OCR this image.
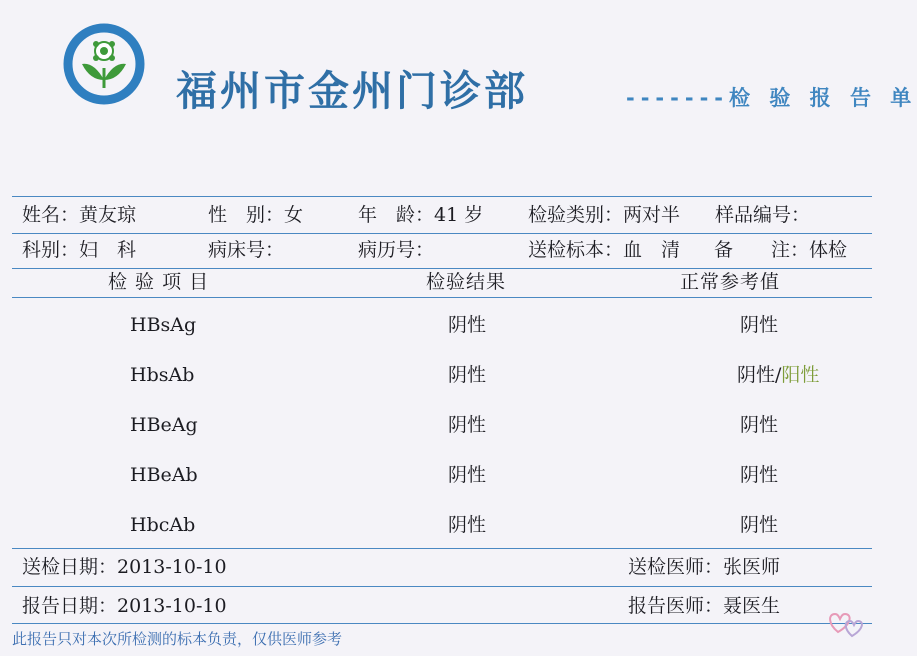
福州市金州门诊部	-------检 验 报 告 单
姓名：黄友琼	性　别：女	年　龄：41 岁 检验类别：两对半 样品编号：
科别：妇　科	病床号：	病历号：	送检标本：血　清 备　　注：体检
检 验 项 目	检验结果	正常参考值
HBsAg	阴性	阴性
HbsAb	阴性	阴性/阳性
HBeAg	阴性	阴性
HBeAb	阴性	阴性
HbcAb	阴性	阴性
送检日期：2013-10-10	送检医师：张医师
报告日期：2013-10-10	报告医师：聂医生
此报告只对本次所检测的标本负责，仅供医师参考
